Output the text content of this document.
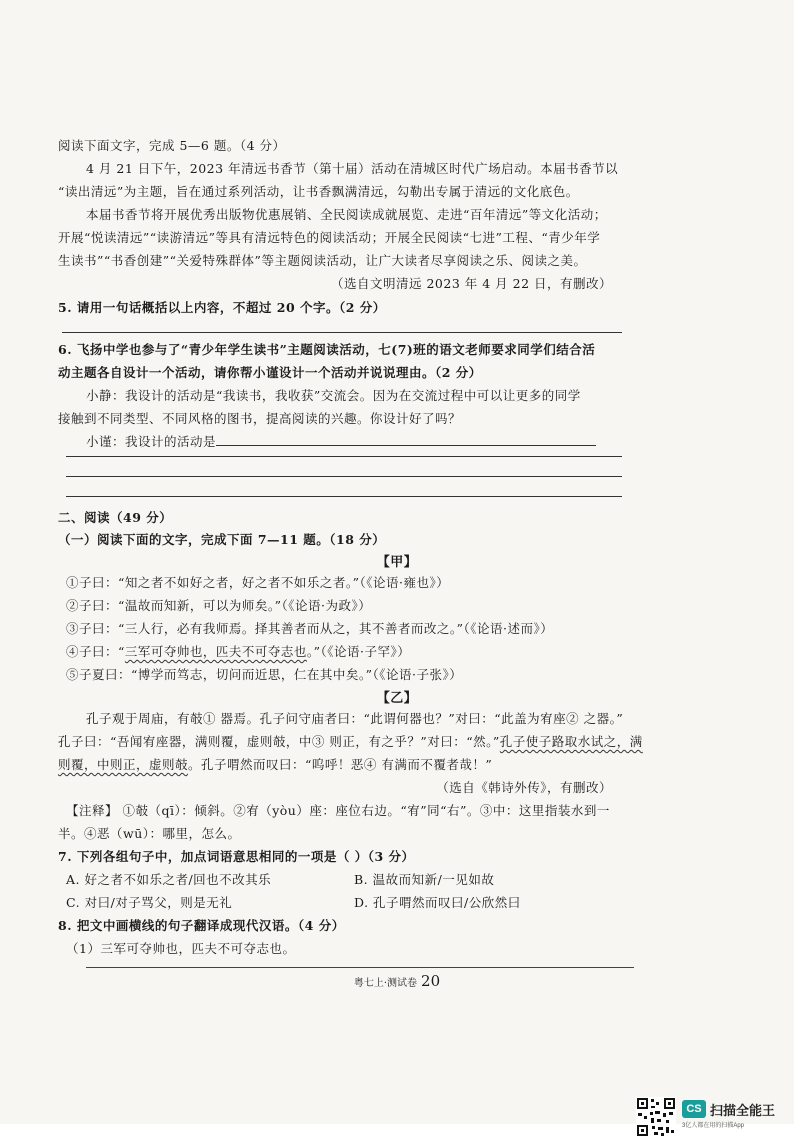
阅读下面文字，完成 5—6 题。（4 分）
4 月 21 日下午，2023 年清远书香节（第十届）活动在清城区时代广场启动。本届书香节以
“读出清远”为主题，旨在通过系列活动，让书香飘满清远，勾勒出专属于清远的文化底色。
本届书香节将开展优秀出版物优惠展销、全民阅读成就展览、走进“百年清远”等文化活动；
开展“悦读清远”“读游清远”等具有清远特色的阅读活动；开展全民阅读“七进”工程、“青少年学
生读书”“书香创建”“关爱特殊群体”等主题阅读活动，让广大读者尽享阅读之乐、阅读之美。
（选自文明清远 2023 年 4 月 22 日，有删改）
5. 请用一句话概括以上内容，不超过 20 个字。（2 分）
6. 飞扬中学也参与了“青少年学生读书”主题阅读活动，七(7)班的语文老师要求同学们结合活
动主题各自设计一个活动，请你帮小谨设计一个活动并说说理由。（2 分）
小静：我设计的活动是“我读书，我收获”交流会。因为在交流过程中可以让更多的同学
接触到不同类型、不同风格的图书，提高阅读的兴趣。你设计好了吗？
小谨：我设计的活动是
二、阅读（49 分）
（一）阅读下面的文字，完成下面 7—11 题。（18 分）
【甲】
①子曰：“知之者不如好之者，好之者不如乐之者。”（《论语·雍也》）
②子曰：“温故而知新，可以为师矣。”（《论语·为政》）
③子曰：“三人行，必有我师焉。择其善者而从之，其不善者而改之。”（《论语·述而》）
④子曰：“三军可夺帅也，匹夫不可夺志也。”（《论语·子罕》）
⑤子夏曰：“博学而笃志，切问而近思，仁在其中矣。”（《论语·子张》）
【乙】
孔子观于周庙，有攲① 器焉。孔子问守庙者曰：“此谓何器也？”对曰：“此盖为宥座② 之器。”
孔子曰：“吾闻宥座器，满则覆，虚则攲，中③ 则正，有之乎？”对曰：“然。”孔子使子路取水试之，满
则覆，中则正，虚则攲。孔子喟然而叹曰：“呜呼！恶④ 有满而不覆者哉！”
（选自《韩诗外传》，有删改）
【注释】 ①攲（qī）：倾斜。②宥（yòu）座：座位右边。“宥”同“右”。③中：这里指装水到一
半。④恶（wū）：哪里，怎么。
7. 下列各组句子中，加点词语意思相同的一项是（ ）（3 分）
A. 好之者不如乐之者/回也不改其乐	B. 温故而知新/一见如故
C. 对曰/对子骂父，则是无礼	D. 孔子喟然而叹曰/公欣然曰
8. 把文中画横线的句子翻译成现代汉语。（4 分）
（1）三军可夺帅也，匹夫不可夺志也。
粤七上·测试卷 20
CS 扫描全能王
3亿人都在用的扫描App
